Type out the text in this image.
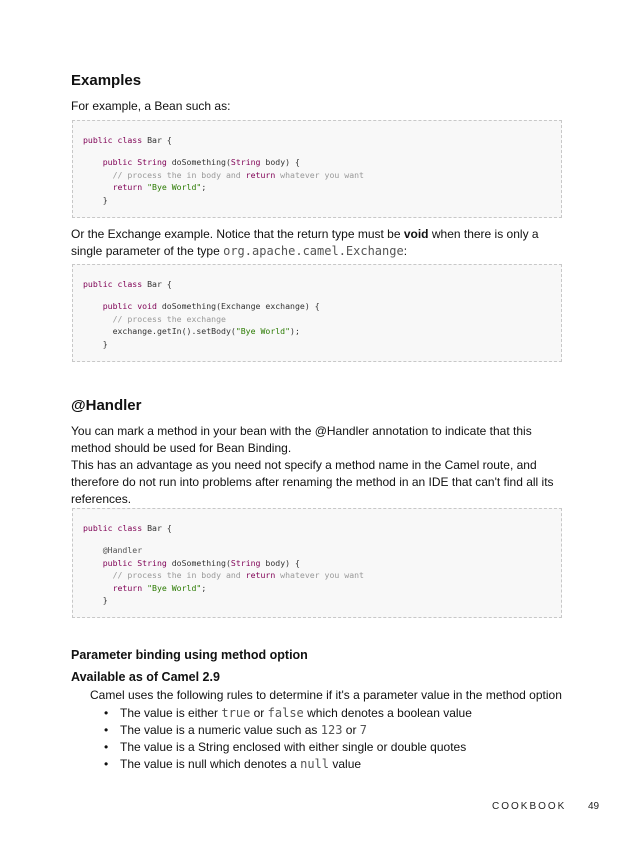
Examples

For example, a Bean such as:

public class Bar {
public String doSomething(String body) {
// process the in body and return whatever you want
return "Bye World";
}

Or the Exchange example. Notice that the return type must be void when there is only a
single parameter of the type org.apache.camel.Exchange:

public class Bar {
public void doSomething(Exchange exchange) {
// process the exchange
exchange.getIn().setBody("Bye World");
}
@Handler

You can mark a method in your bean with the @Handler annotation to indicate that this
method should be used for Bean Binding.

This has an advantage as you need not specify a method name in the Camel route, and
therefore do not run into problems after renaming the method in an IDE that can't find all its
references.

public class Bar {
@Handler
public String doSomething(String body) {
// process the in body and return whatever you want
return "Bye World";
}
Parameter binding using method option
Available as of Camel 2.9

Camel uses the following rules to determine if it's a parameter value in the method option

• The value is either true or false which denotes a boolean value
• The value is a numeric value such as 123 or 7
• The value is a String enclosed with either single or double quotes
• The value is null which denotes a null value
COOKBOOK 49
